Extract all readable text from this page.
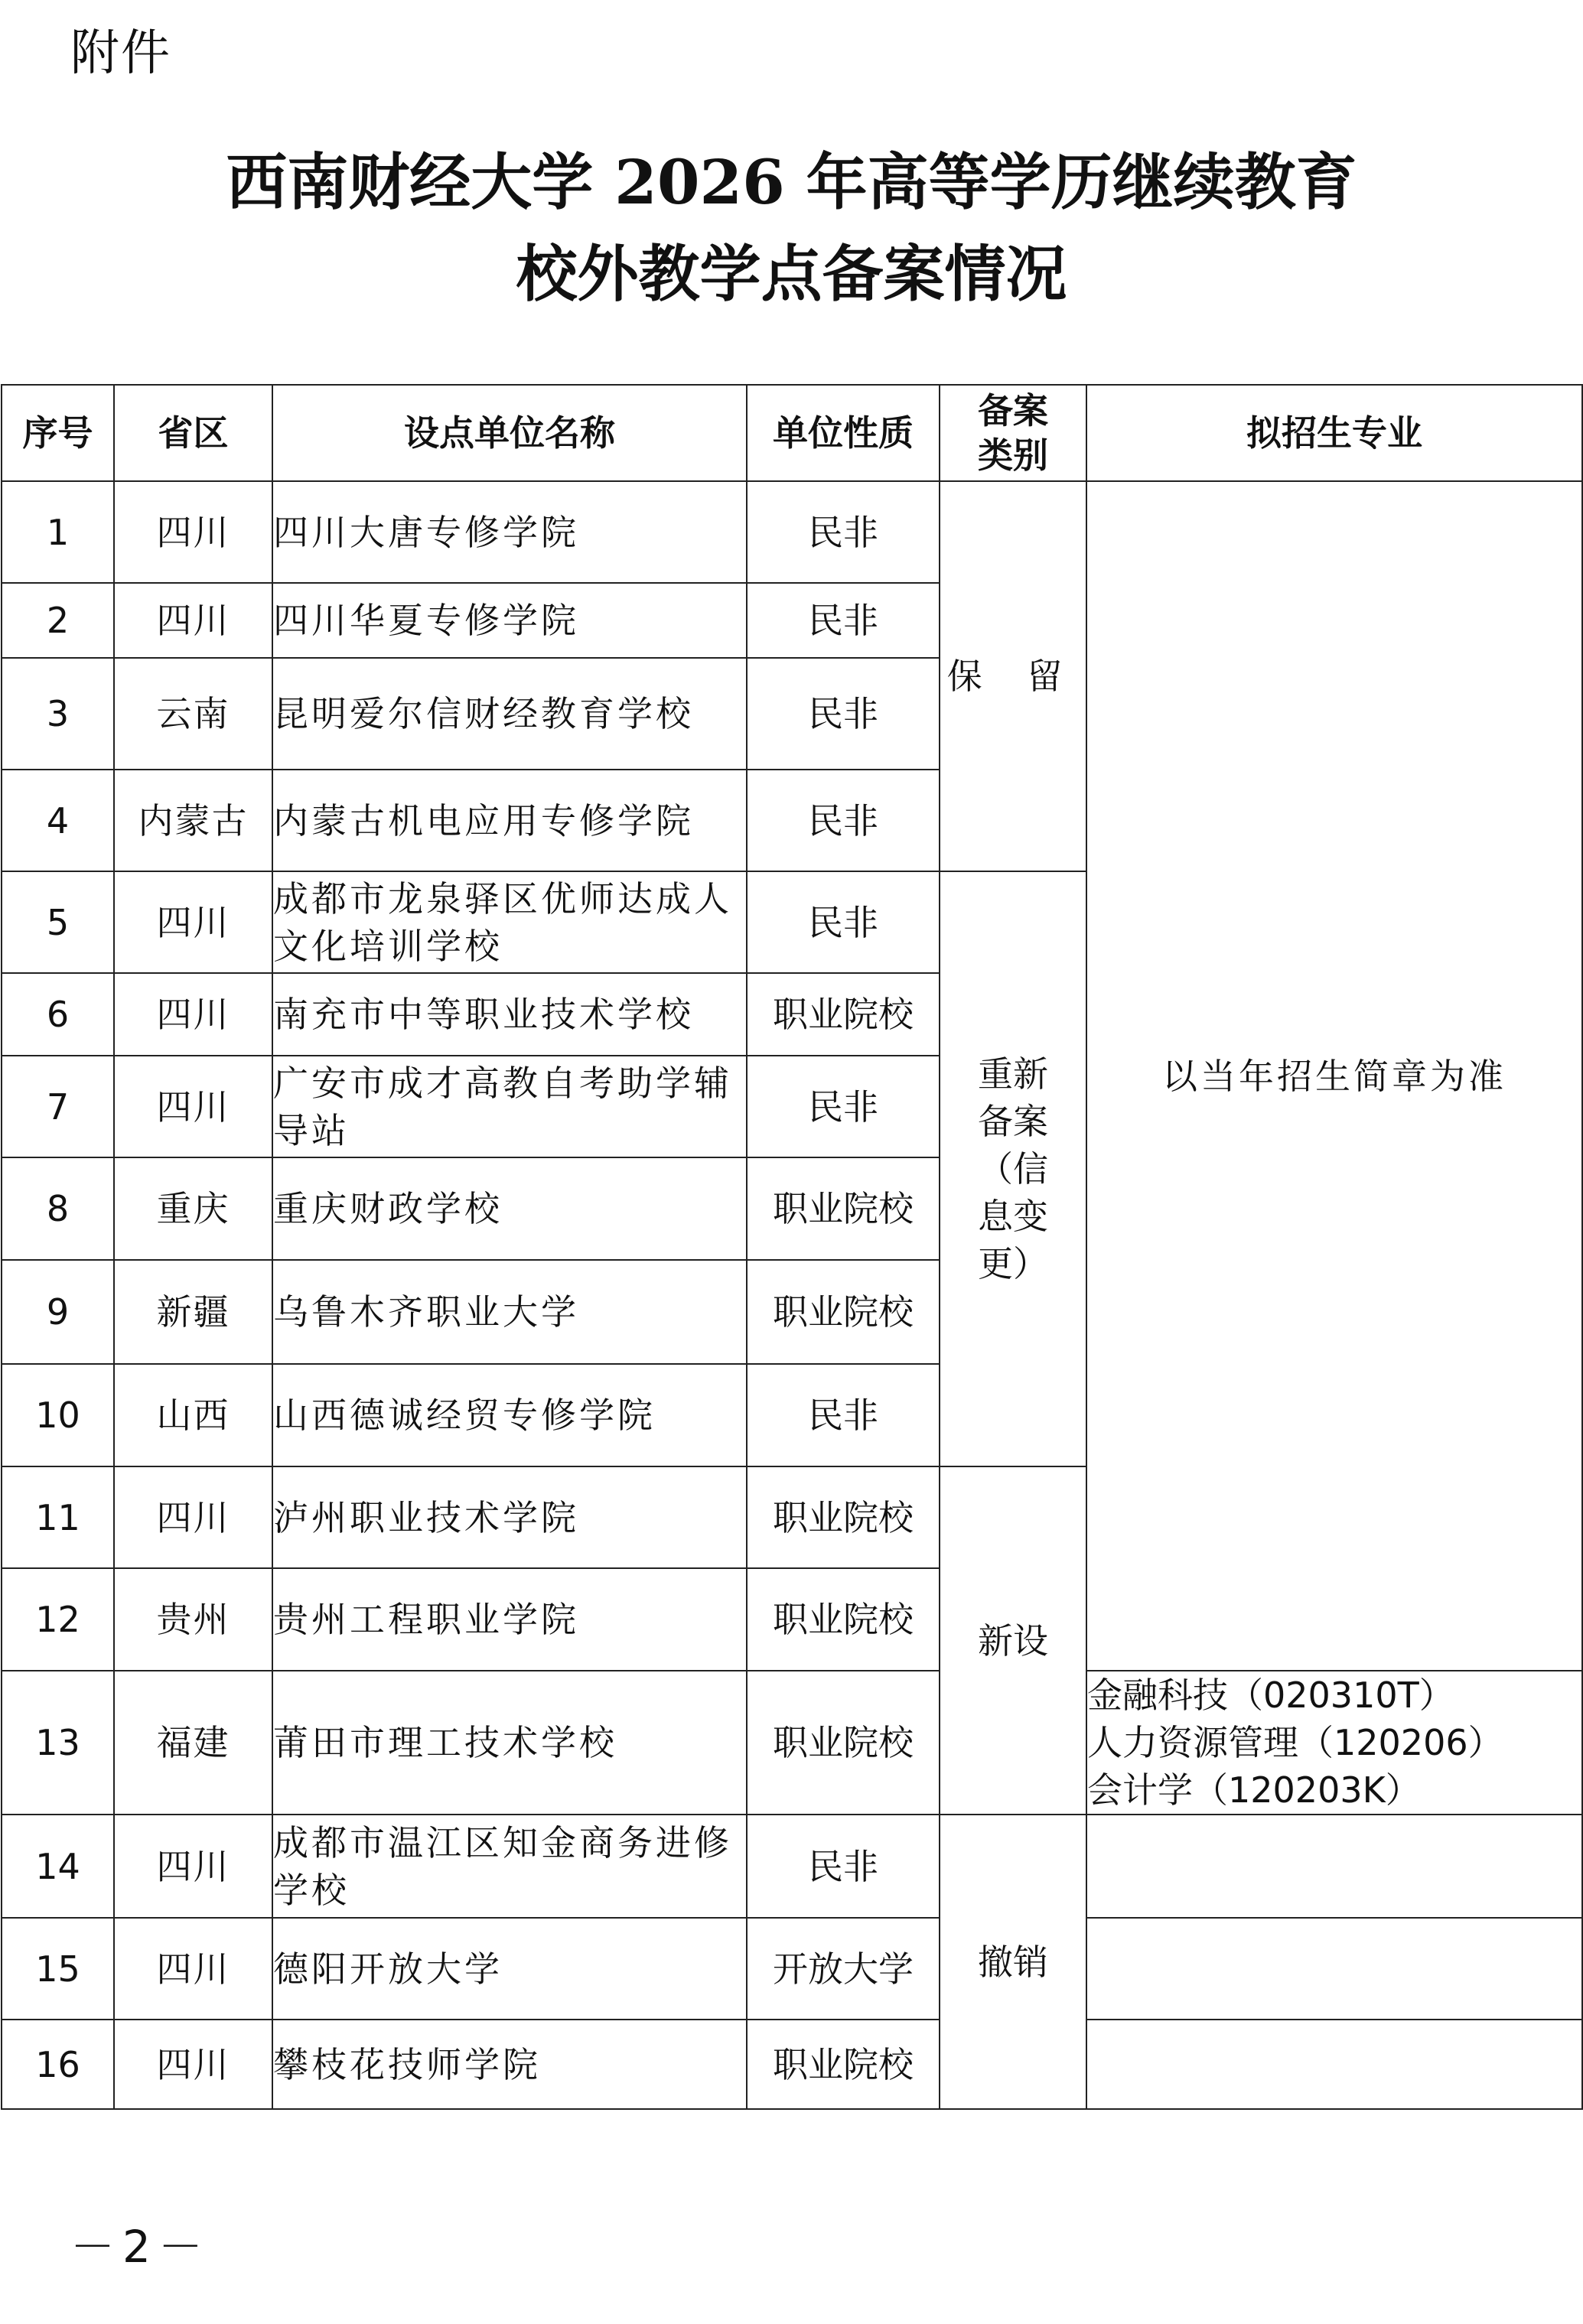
附件
西南财经大学 2026 年高等学历继续教育
校外教学点备案情况
序号	省区	设点单位名称	单位性质	备案类别	拟招生专业
1	四川	四川大唐专修学院	民非	保 留	以当年招生简章为准
2	四川	四川华夏专修学院	民非		
3	云南	昆明爱尔信财经教育学校	民非		
4	内蒙古	内蒙古机电应用专修学院	民非		
5	四川	成都市龙泉驿区优师达成人文化培训学校	民非	重新备案（信息变更）	
6	四川	南充市中等职业技术学校	职业院校		
7	四川	广安市成才高教自考助学辅导站	民非		
8	重庆	重庆财政学校	职业院校		
9	新疆	乌鲁木齐职业大学	职业院校		
10	山西	山西德诚经贸专修学院	民非		
11	四川	泸州职业技术学院	职业院校	新设	
12	贵州	贵州工程职业学院	职业院校		
13	福建	莆田市理工技术学校	职业院校		金融科技（020310T）
人力资源管理（120206）
会计学（120203K）

14	四川	成都市温江区知金商务进修学校	民非	撤销	
15	四川	德阳开放大学	开放大学		
16	四川	攀枝花技师学院	职业院校		
－2－
